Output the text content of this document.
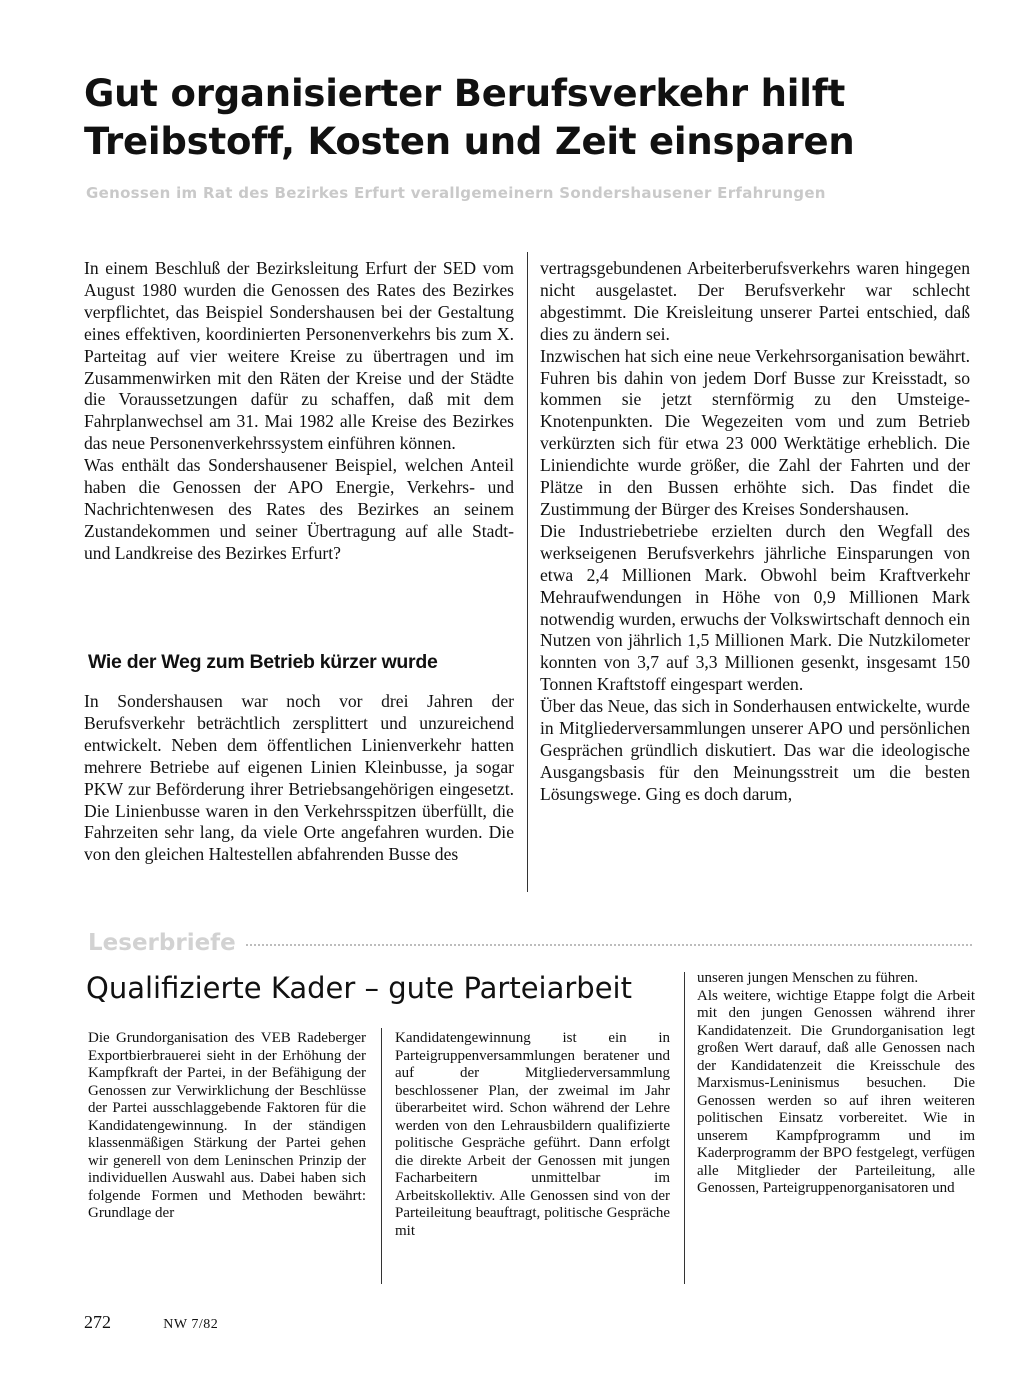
Gut organisierter Berufsverkehr hilft
Treibstoff, Kosten und Zeit einsparen
Genossen im Rat des Bezirkes Erfurt verallgemeinern Sondershausener Erfahrungen

In einem Beschluß der Bezirksleitung Erfurt der SED vom August 1980 wurden die Genossen des Rates des Bezirkes verpflichtet, das Beispiel Sondershausen bei der Gestaltung eines effektiven, koordinierten Personenverkehrs bis zum X. Parteitag auf vier weitere Kreise zu übertragen und im Zusammenwirken mit den Räten der Kreise und der Städte die Voraussetzungen dafür zu schaffen, daß mit dem Fahrplanwechsel am 31. Mai 1982 alle Kreise des Bezirkes das neue Personenverkehrssystem einführen können.

Was enthält das Sondershausener Beispiel, welchen Anteil haben die Genossen der APO Energie, Verkehrs- und Nachrichtenwesen des Rates des Bezirkes an seinem Zustandekommen und seiner Übertragung auf alle Stadt- und Landkreise des Bezirkes Erfurt?

Wie der Weg zum Betrieb kürzer wurde

In Sondershausen war noch vor drei Jahren der Berufsverkehr beträchtlich zersplittert und unzureichend entwickelt. Neben dem öffentlichen Linienverkehr hatten mehrere Betriebe auf eigenen Linien Kleinbusse, ja sogar PKW zur Beförderung ihrer Betriebsangehörigen eingesetzt. Die Linienbusse waren in den Verkehrsspitzen überfüllt, die Fahrzeiten sehr lang, da viele Orte angefahren wurden. Die von den gleichen Haltestellen abfahrenden Busse des

vertragsgebundenen Arbeiterberufsverkehrs waren hingegen nicht ausgelastet. Der Berufsverkehr war schlecht abgestimmt. Die Kreisleitung unserer Partei entschied, daß dies zu ändern sei.

Inzwischen hat sich eine neue Verkehrsorganisation bewährt. Fuhren bis dahin von jedem Dorf Busse zur Kreisstadt, so kommen sie jetzt sternförmig zu den Umsteige-Knotenpunkten. Die Wegezeiten vom und zum Betrieb verkürzten sich für etwa 23 000 Werktätige erheblich. Die Liniendichte wurde größer, die Zahl der Fahrten und der Plätze in den Bussen erhöhte sich. Das findet die Zustimmung der Bürger des Kreises Sondershausen.

Die Industriebetriebe erzielten durch den Wegfall des werkseigenen Berufsverkehrs jährliche Einsparungen von etwa 2,4 Millionen Mark. Obwohl beim Kraftverkehr Mehraufwendungen in Höhe von 0,9 Millionen Mark notwendig wurden, erwuchs der Volkswirtschaft dennoch ein Nutzen von jährlich 1,5 Millionen Mark. Die Nutzkilometer konnten von 3,7 auf 3,3 Millionen gesenkt, insgesamt 150 Tonnen Kraftstoff eingespart werden.

Über das Neue, das sich in Sonderhausen entwickelte, wurde in Mitgliederversammlungen unserer APO und persönlichen Gesprächen gründlich diskutiert. Das war die ideologische Ausgangsbasis für den Meinungsstreit um die besten Lösungswege. Ging es doch darum,

Leserbriefe
Qualifizierte Kader – gute Parteiarbeit

Die Grundorganisation des VEB Radeberger Exportbierbrauerei sieht in der Erhöhung der Kampfkraft der Partei, in der Befähigung der Genossen zur Verwirklichung der Beschlüsse der Partei ausschlaggebende Faktoren für die Kandidatengewinnung. In der ständigen klassenmäßigen Stärkung der Partei gehen wir generell von dem Leninschen Prinzip der individuellen Auswahl aus. Dabei haben sich folgende Formen und Methoden bewährt: Grundlage der

Kandidatengewinnung ist ein in Parteigruppenversammlungen beratener und auf der Mitgliederversammlung beschlossener Plan, der zweimal im Jahr überarbeitet wird. Schon während der Lehre werden von den Lehrausbildern qualifizierte politische Gespräche geführt. Dann erfolgt die direkte Arbeit der Genossen mit jungen Facharbeitern unmittelbar im Arbeitskollektiv. Alle Genossen sind von der Parteileitung beauftragt, politische Gespräche mit

unseren jungen Menschen zu führen.

Als weitere, wichtige Etappe folgt die Arbeit mit den jungen Genossen während ihrer Kandidatenzeit. Die Grundorganisation legt großen Wert darauf, daß alle Genossen nach der Kandidatenzeit die Kreisschule des Marxismus-Leninismus besuchen. Die Genossen werden so auf ihren weiteren politischen Einsatz vorbereitet. Wie in unserem Kampfprogramm und im Kaderprogramm der BPO festgelegt, verfügen alle Mitglieder der Parteileitung, alle Genossen, Parteigruppenorganisatoren und

272	NW 7/82
